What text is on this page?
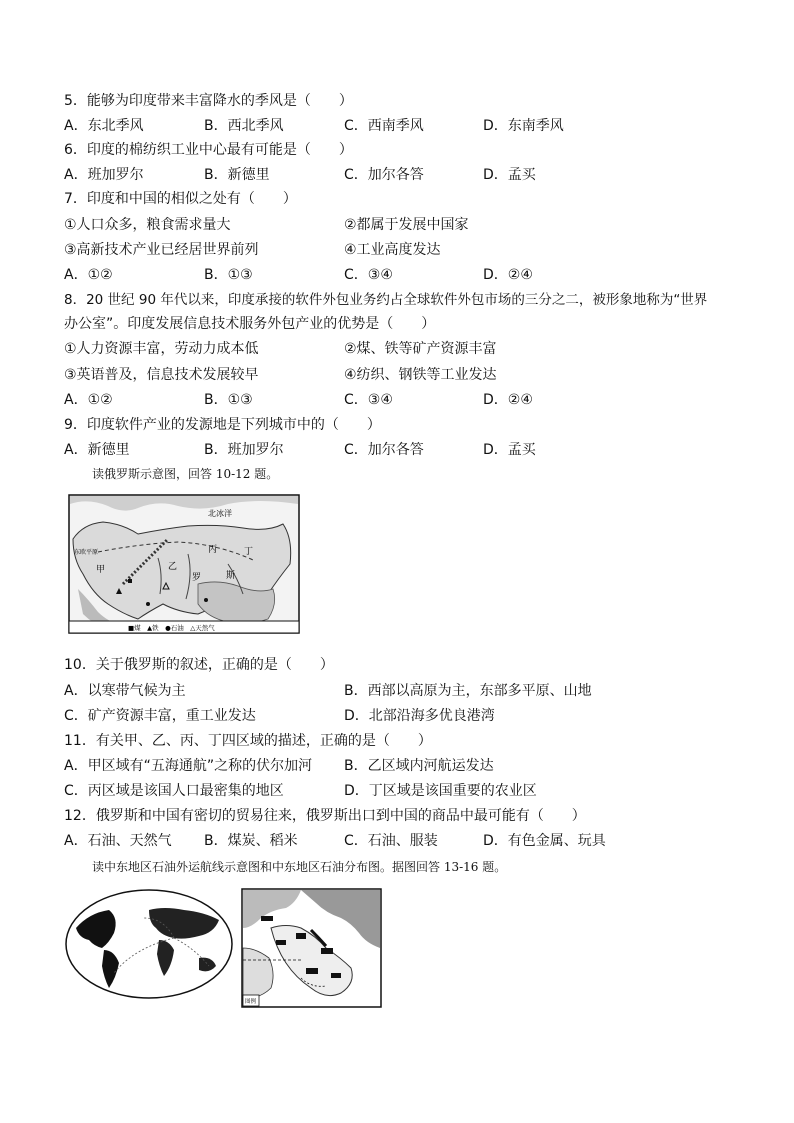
5．能够为印度带来丰富降水的季风是（　　）
A．东北季风	B．西北季风	C．西南季风	D．东南季风
6．印度的棉纺织工业中心最有可能是（　　）
A．班加罗尔	B．新德里	C．加尔各答	D．孟买
7．印度和中国的相似之处有（　　）
①人口众多，粮食需求量大	②都属于发展中国家
③高新技术产业已经居世界前列	④工业高度发达
A．①②	B．①③	C．③④	D．②④
8．20 世纪 90 年代以来，印度承接的软件外包业务约占全球软件外包市场的三分之二，被形象地称为“世界
办公室”。印度发展信息技术服务外包产业的优势是（　　）
①人力资源丰富，劳动力成本低	②煤、铁等矿产资源丰富
③英语普及，信息技术发展较早	④纺织、钢铁等工业发达
A．①②	B．①③	C．③④	D．②④
9．印度软件产业的发源地是下列城市中的（　　）
A．新德里	B．班加罗尔	C．加尔各答	D．孟买
读俄罗斯示意图，回答 10-12 题。
北冰洋
东欧平原
甲	乙
丙	丁
罗	斯
■煤　▲铁　●石油　△天然气
10．关于俄罗斯的叙述，正确的是（　　）
A．以寒带气候为主	B．西部以高原为主，东部多平原、山地
C．矿产资源丰富，重工业发达	D．北部沿海多优良港湾
11．有关甲、乙、丙、丁四区域的描述，正确的是（　　）
A．甲区域有“五海通航”之称的伏尔加河 B．乙区域内河航运发达
C．丙区域是该国人口最密集的地区	D．丁区域是该国重要的农业区
12．俄罗斯和中国有密切的贸易往来，俄罗斯出口到中国的商品中最可能有（　　）
A．石油、天然气 B．煤炭、稻米	C．石油、服装	D．有色金属、玩具
读中东地区石油外运航线示意图和中东地区石油分布图。据图回答 13-16 题。
图例
